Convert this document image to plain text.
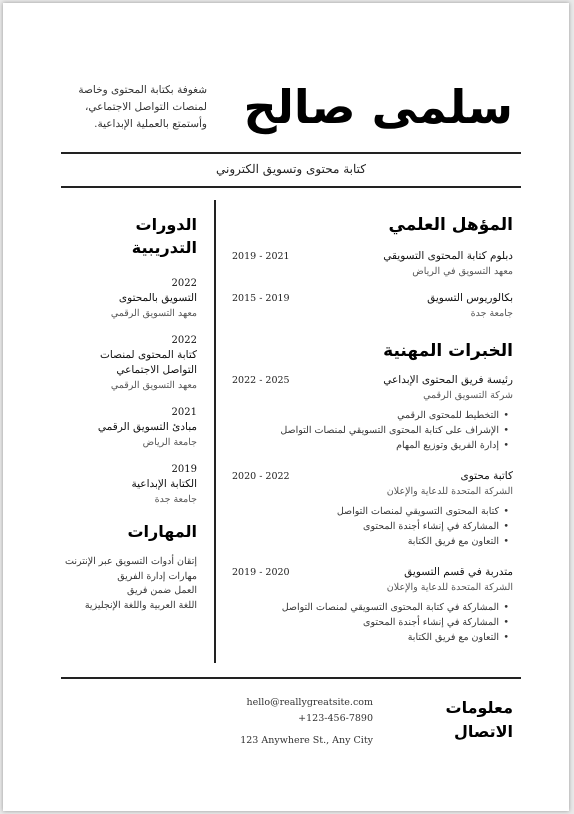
سلمى صالح
شغوفة بكتابة المحتوى وخاصة لمنصات التواصل الاجتماعي، وأستمتع بالعملية الإبداعية.
كتابة محتوى وتسويق الكتروني
المؤهل العلمي
دبلوم كتابة المحتوى التسويقي
معهد التسويق في الرياض
2019 - 2021
بكالوريوس التسويق
جامعة جدة
2015 - 2019
الخبرات المهنية
رئيسة فريق المحتوى الإبداعي
شركة التسويق الرقمي
2022 - 2025
• التخطيط للمحتوى الرقمي
• الإشراف على كتابة المحتوى التسويقي لمنصات التواصل
• إدارة الفريق وتوزيع المهام
كاتبة محتوى
الشركة المتحدة للدعاية والإعلان
2020 - 2022
• كتابة المحتوى التسويقي لمنصات التواصل
• المشاركة في إنشاء أجندة المحتوى
• التعاون مع فريق الكتابة
متدربة في قسم التسويق
الشركة المتحدة للدعاية والإعلان
2019 - 2020
• المشاركة في كتابة المحتوى التسويقي لمنصات التواصل
• المشاركة في إنشاء أجندة المحتوى
• التعاون مع فريق الكتابة
الدورات التدريبية
2022
التسويق بالمحتوى
معهد التسويق الرقمي
2022
كتابة المحتوى لمنصات التواصل الاجتماعي
معهد التسويق الرقمي
2021
مبادئ التسويق الرقمي
جامعة الرياض
2019
الكتابة الإبداعية
جامعة جدة
المهارات
إتقان أدوات التسويق عبر الإنترنت
مهارات إدارة الفريق
العمل ضمن فريق
اللغة العربية واللغة الإنجليزية
معلومات الاتصال
hello@reallygreatsite.com
+123-456-7890
123 Anywhere St., Any City
